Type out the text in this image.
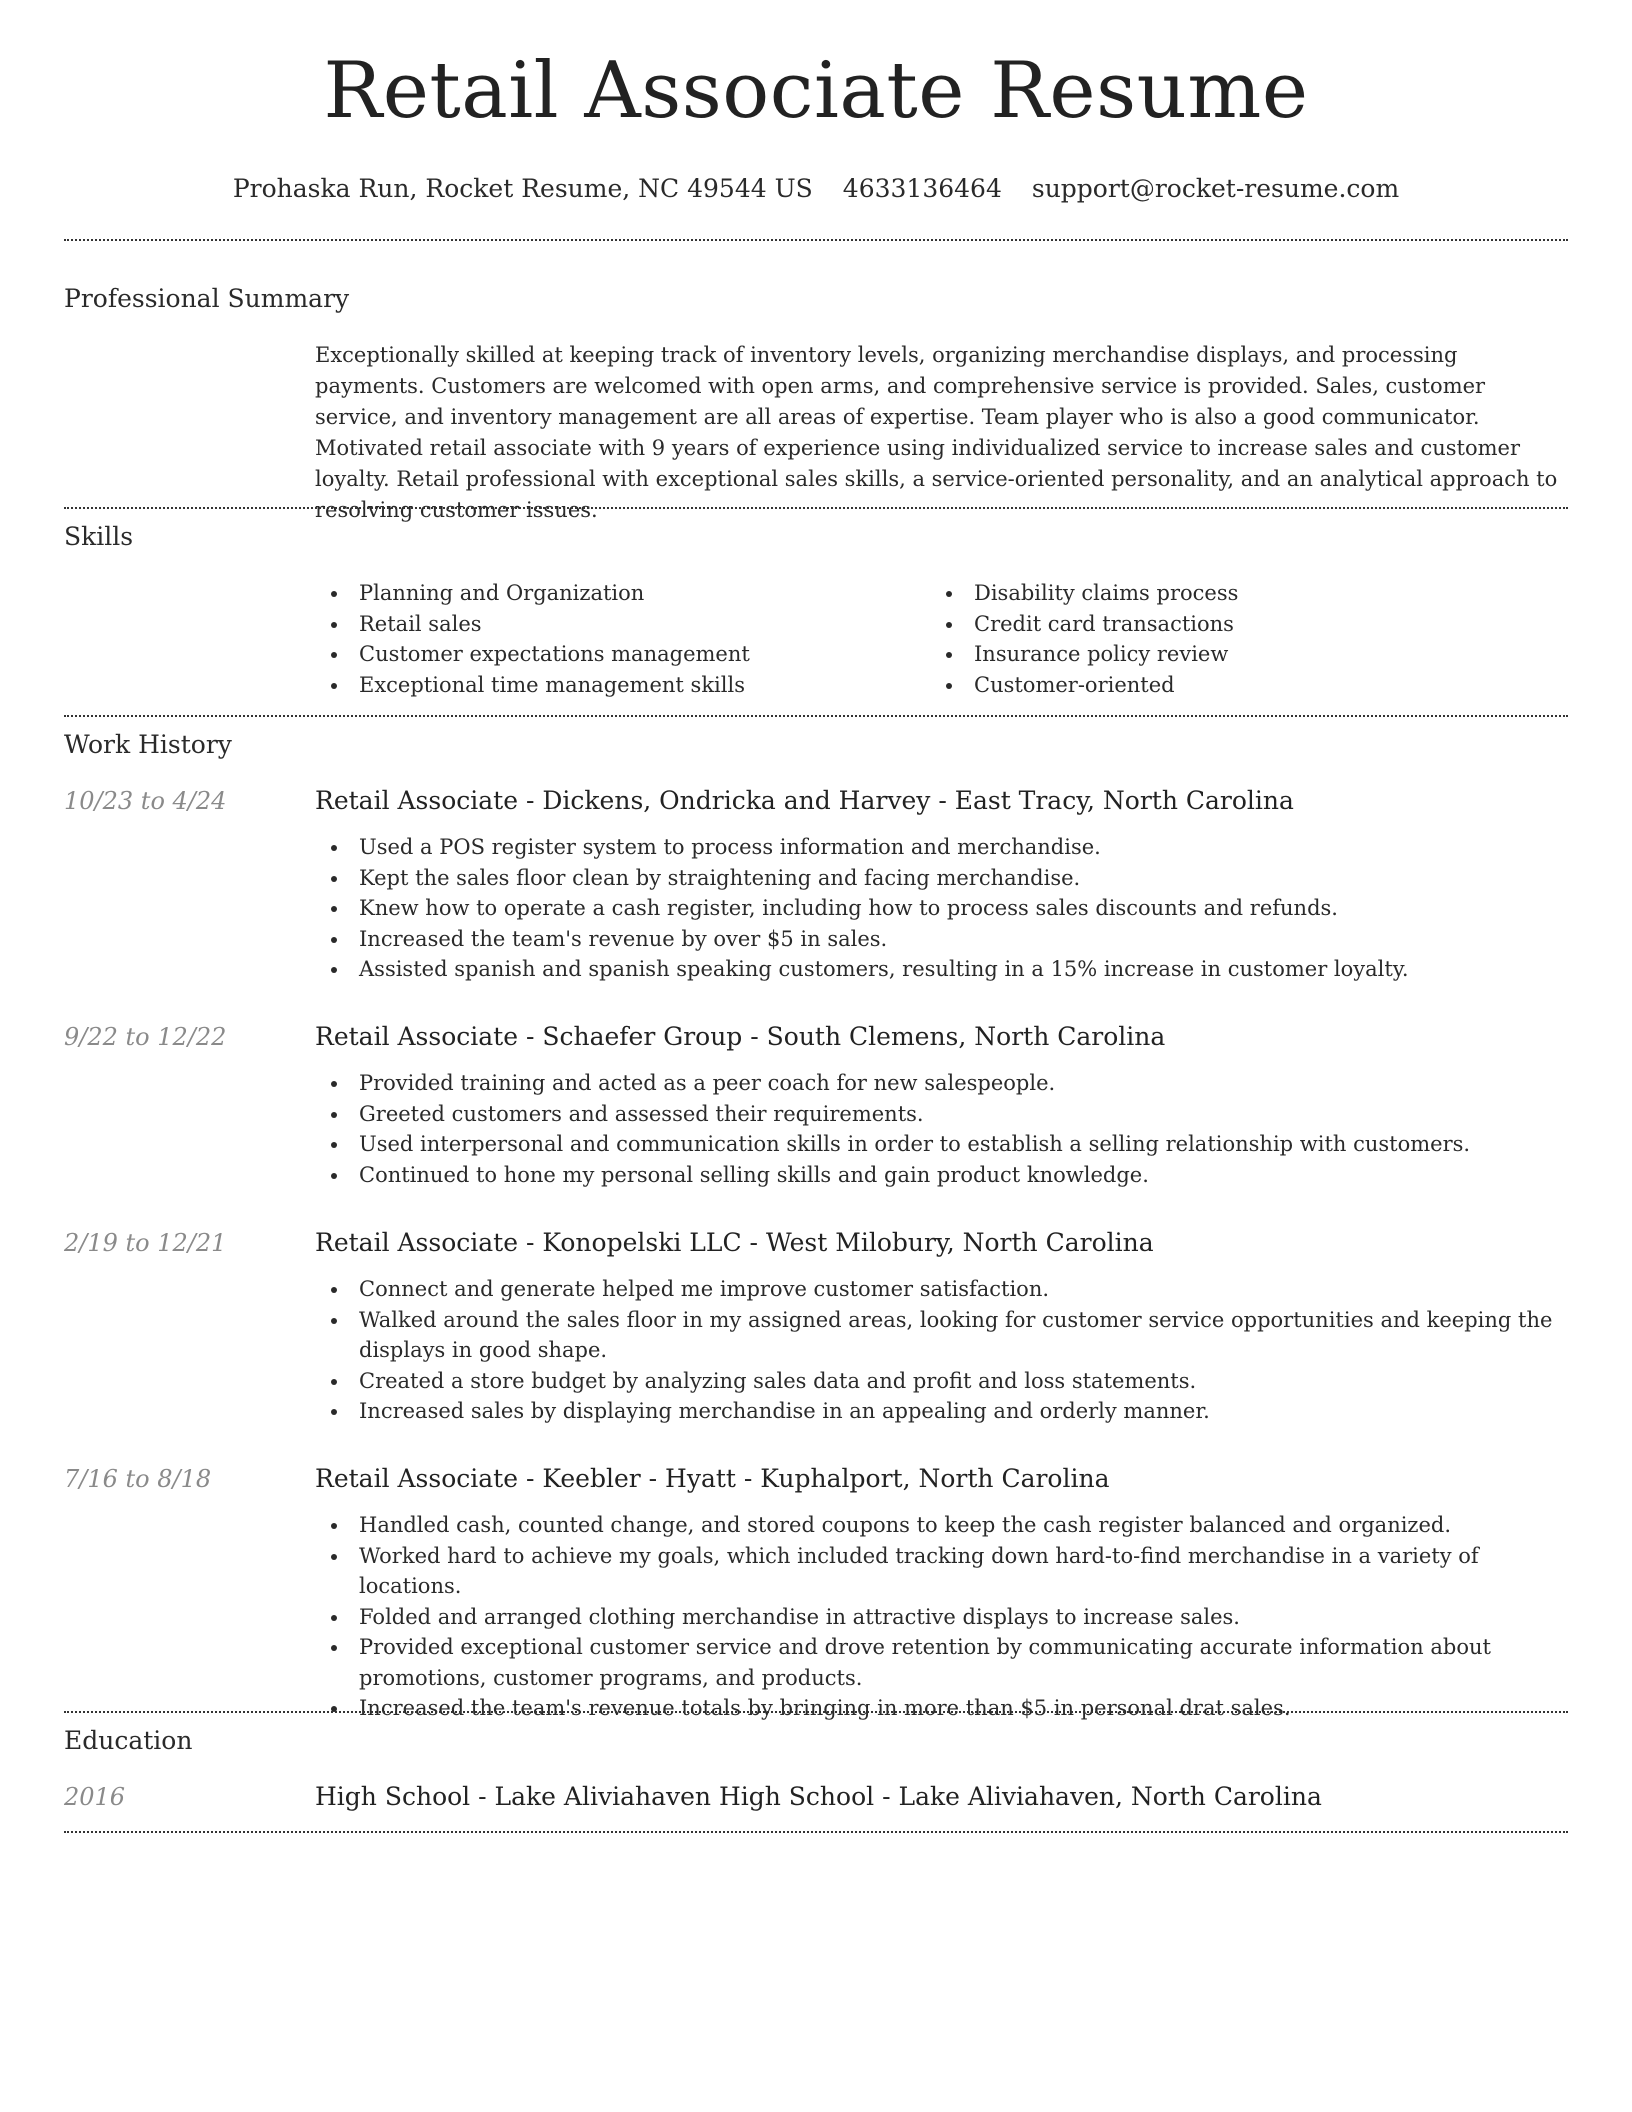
Retail Associate Resume
Prohaska Run, Rocket Resume, NC 49544 US 4633136464 support@rocket-resume.com
Professional Summary
Exceptionally skilled at keeping track of inventory levels, organizing merchandise displays, and processing payments. Customers are welcomed with open arms, and comprehensive service is provided. Sales, customer service, and inventory management are all areas of expertise. Team player who is also a good communicator. Motivated retail associate with 9 years of experience using individualized service to increase sales and customer loyalty. Retail professional with exceptional sales skills, a service-oriented personality, and an analytical approach to resolving customer issues.
Skills
Planning and Organization
Retail sales
Customer expectations management
Exceptional time management skills
Disability claims process
Credit card transactions
Insurance policy review
Customer-oriented
Work History
10/23 to 4/24	Retail Associate - Dickens, Ondricka and Harvey - East Tracy, North Carolina
Used a POS register system to process information and merchandise.
Kept the sales floor clean by straightening and facing merchandise.
Knew how to operate a cash register, including how to process sales discounts and refunds.
Increased the team's revenue by over $5 in sales.
Assisted spanish and spanish speaking customers, resulting in a 15% increase in customer loyalty.
9/22 to 12/22	Retail Associate - Schaefer Group - South Clemens, North Carolina
Provided training and acted as a peer coach for new salespeople.
Greeted customers and assessed their requirements.
Used interpersonal and communication skills in order to establish a selling relationship with customers.
Continued to hone my personal selling skills and gain product knowledge.
2/19 to 12/21	Retail Associate - Konopelski LLC - West Milobury, North Carolina
Connect and generate helped me improve customer satisfaction.
Walked around the sales floor in my assigned areas, looking for customer service opportunities and keeping the displays in good shape.
Created a store budget by analyzing sales data and profit and loss statements.
Increased sales by displaying merchandise in an appealing and orderly manner.
7/16 to 8/18	Retail Associate - Keebler - Hyatt - Kuphalport, North Carolina
Handled cash, counted change, and stored coupons to keep the cash register balanced and organized.
Worked hard to achieve my goals, which included tracking down hard-to-find merchandise in a variety of locations.
Folded and arranged clothing merchandise in attractive displays to increase sales.
Provided exceptional customer service and drove retention by communicating accurate information about promotions, customer programs, and products.
Increased the team's revenue totals by bringing in more than $5 in personal drat sales.
Education
2016	High School - Lake Aliviahaven High School - Lake Aliviahaven, North Carolina
